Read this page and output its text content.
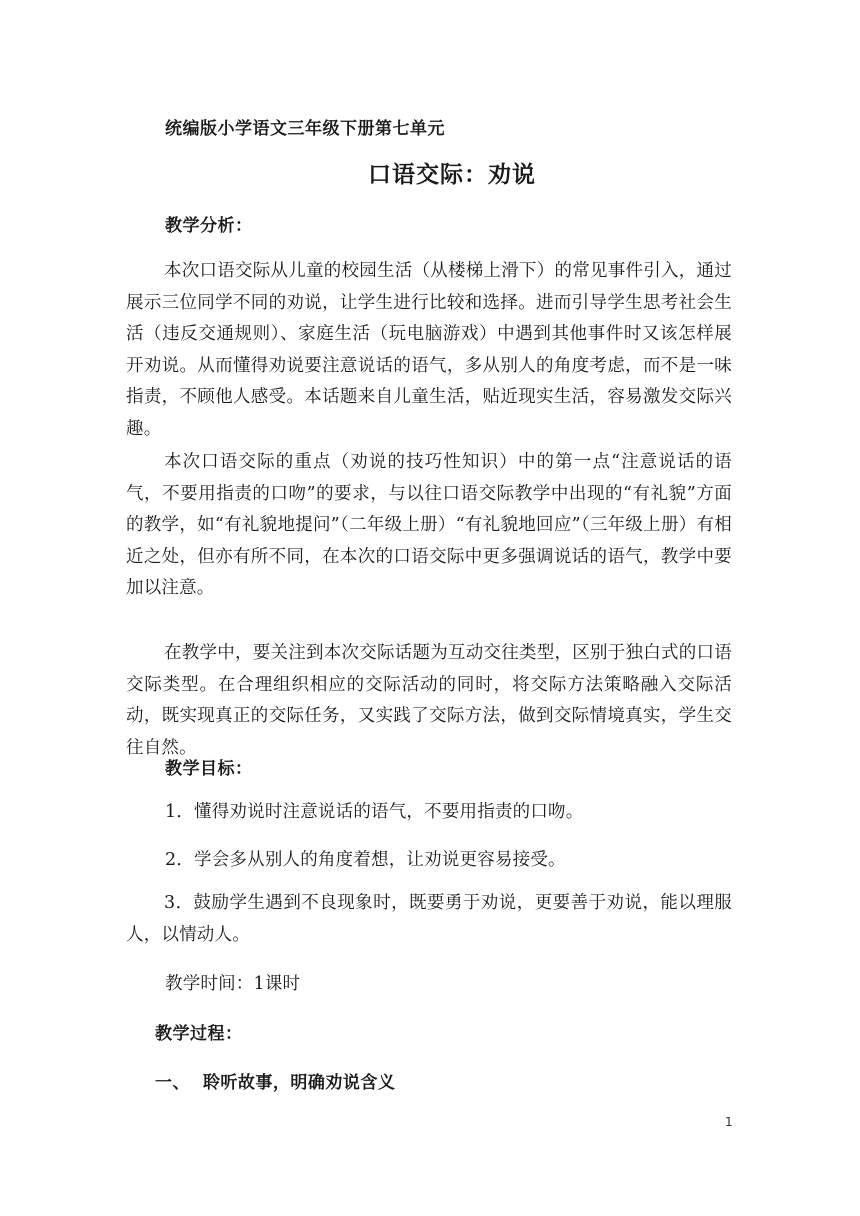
统编版小学语文三年级下册第七单元

口语交际：劝说

教学分析：

本次口语交际从儿童的校园生活（从楼梯上滑下）的常见事件引入，通过展示三位同学不同的劝说，让学生进行比较和选择。进而引导学生思考社会生活（违反交通规则）、家庭生活（玩电脑游戏）中遇到其他事件时又该怎样展开劝说。从而懂得劝说要注意说话的语气，多从别人的角度考虑，而不是一味指责，不顾他人感受。本话题来自儿童生活，贴近现实生活，容易激发交际兴趣。

本次口语交际的重点（劝说的技巧性知识）中的第一点“注意说话的语气，不要用指责的口吻”的要求，与以往口语交际教学中出现的“有礼貌”方面的教学，如“有礼貌地提问”（二年级上册）“有礼貌地回应”（三年级上册）有相近之处，但亦有所不同，在本次的口语交际中更多强调说话的语气，教学中要加以注意。

在教学中，要关注到本次交际话题为互动交往类型，区别于独白式的口语交际类型。在合理组织相应的交际活动的同时，将交际方法策略融入交际活动，既实现真正的交际任务，又实践了交际方法，做到交际情境真实，学生交往自然。

教学目标：

1．懂得劝说时注意说话的语气，不要用指责的口吻。

2．学会多从别人的角度着想，让劝说更容易接受。

3．鼓励学生遇到不良现象时，既要勇于劝说，更要善于劝说，能以理服人，以情动人。

教学时间：1课时

教学过程：

一、  聆听故事，明确劝说含义

1
